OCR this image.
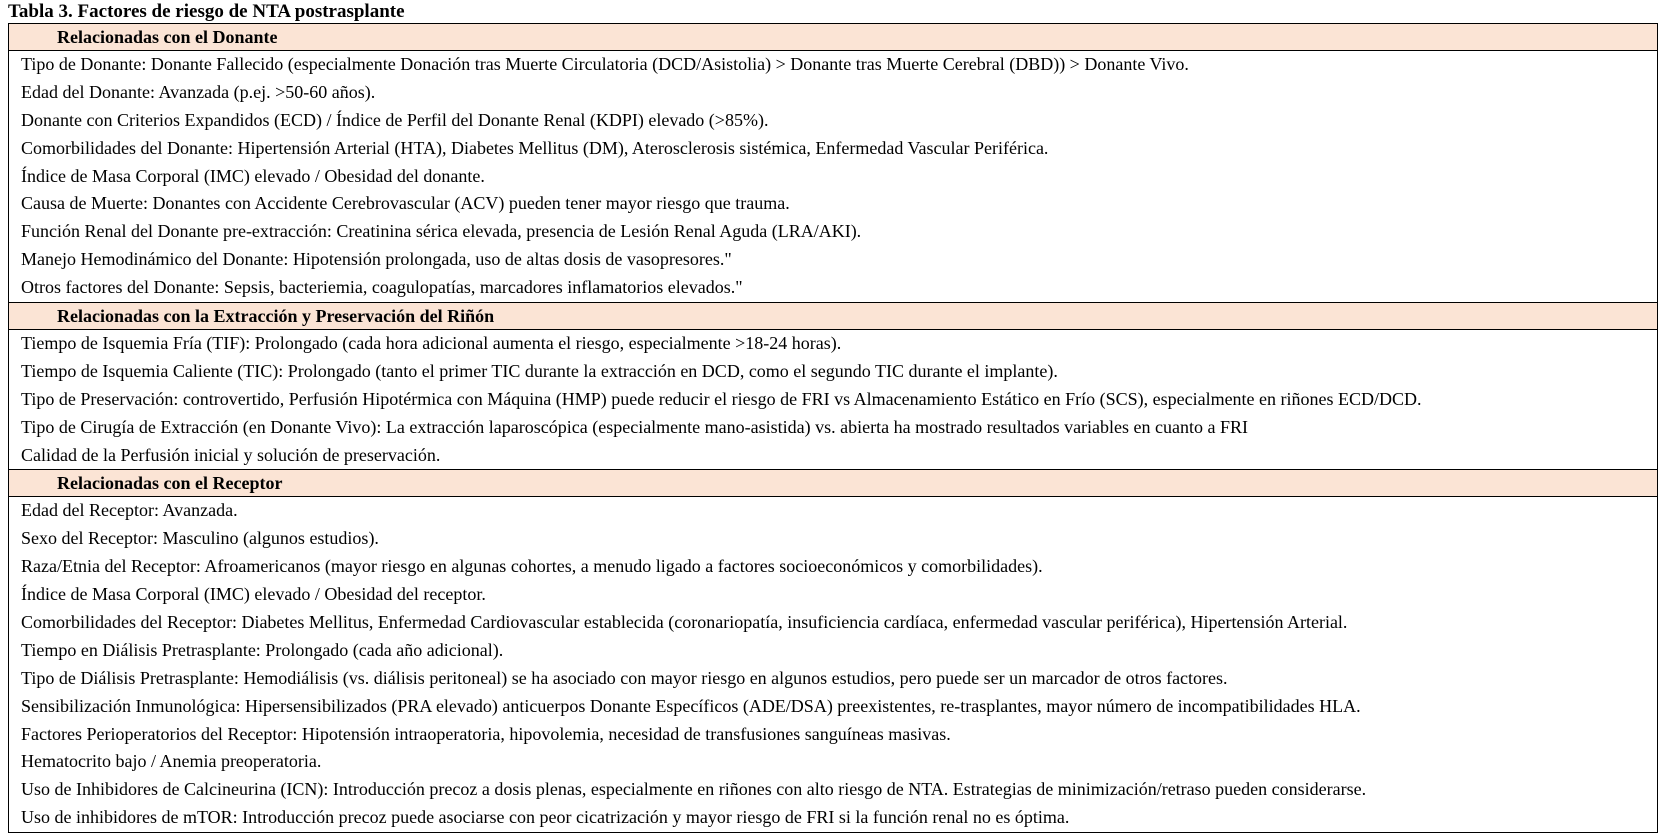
Tabla 3. Factores de riesgo de NTA postrasplante
Relacionadas con el Donante
Tipo de Donante: Donante Fallecido (especialmente Donación tras Muerte Circulatoria (DCD/Asistolia) > Donante tras Muerte Cerebral (DBD)) > Donante Vivo.
Edad del Donante: Avanzada (p.ej. >50-60 años).
Donante con Criterios Expandidos (ECD) / Índice de Perfil del Donante Renal (KDPI) elevado (>85%).
Comorbilidades del Donante: Hipertensión Arterial (HTA), Diabetes Mellitus (DM), Aterosclerosis sistémica, Enfermedad Vascular Periférica.
Índice de Masa Corporal (IMC) elevado / Obesidad del donante.
Causa de Muerte: Donantes con Accidente Cerebrovascular (ACV) pueden tener mayor riesgo que trauma.
Función Renal del Donante pre-extracción: Creatinina sérica elevada, presencia de Lesión Renal Aguda (LRA/AKI).
Manejo Hemodinámico del Donante: Hipotensión prolongada, uso de altas dosis de vasopresores."
Otros factores del Donante: Sepsis, bacteriemia, coagulopatías, marcadores inflamatorios elevados."
Relacionadas con la Extracción y Preservación del Riñón
Tiempo de Isquemia Fría (TIF): Prolongado (cada hora adicional aumenta el riesgo, especialmente >18-24 horas).
Tiempo de Isquemia Caliente (TIC): Prolongado (tanto el primer TIC durante la extracción en DCD, como el segundo TIC durante el implante).
Tipo de Preservación: controvertido, Perfusión Hipotérmica con Máquina (HMP) puede reducir el riesgo de FRI vs Almacenamiento Estático en Frío (SCS), especialmente en riñones ECD/DCD.
Tipo de Cirugía de Extracción (en Donante Vivo): La extracción laparoscópica (especialmente mano-asistida) vs. abierta ha mostrado resultados variables en cuanto a FRI
Calidad de la Perfusión inicial y solución de preservación.
Relacionadas con el Receptor
Edad del Receptor: Avanzada.
Sexo del Receptor: Masculino (algunos estudios).
Raza/Etnia del Receptor: Afroamericanos (mayor riesgo en algunas cohortes, a menudo ligado a factores socioeconómicos y comorbilidades).
Índice de Masa Corporal (IMC) elevado / Obesidad del receptor.
Comorbilidades del Receptor: Diabetes Mellitus, Enfermedad Cardiovascular establecida (coronariopatía, insuficiencia cardíaca, enfermedad vascular periférica), Hipertensión Arterial.
Tiempo en Diálisis Pretrasplante: Prolongado (cada año adicional).
Tipo de Diálisis Pretrasplante: Hemodiálisis (vs. diálisis peritoneal) se ha asociado con mayor riesgo en algunos estudios, pero puede ser un marcador de otros factores.
Sensibilización Inmunológica: Hipersensibilizados (PRA elevado) anticuerpos Donante Específicos (ADE/DSA) preexistentes, re-trasplantes, mayor número de incompatibilidades HLA.
Factores Perioperatorios del Receptor: Hipotensión intraoperatoria, hipovolemia, necesidad de transfusiones sanguíneas masivas.
Hematocrito bajo / Anemia preoperatoria.
Uso de Inhibidores de Calcineurina (ICN): Introducción precoz a dosis plenas, especialmente en riñones con alto riesgo de NTA. Estrategias de minimización/retraso pueden considerarse.
Uso de inhibidores de mTOR: Introducción precoz puede asociarse con peor cicatrización y mayor riesgo de FRI si la función renal no es óptima.
